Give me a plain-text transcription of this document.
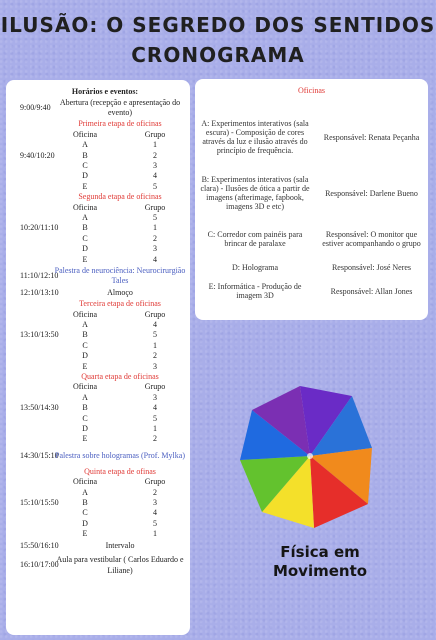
ILUSÃO: O SEGREDO DOS SENTIDOS
CRONOGRAMA
Horários e eventos:
9:00/9:40
Abertura (recepção e apresentação do evento)
9:40/10:20
Primeira etapa de oficinas
Oficina	Grupo
A	1
B	2
C	3
D	4
E	5
10:20/11:10
Segunda etapa de oficinas
Oficina	Grupo
A	5
B	1
C	2
D	3
E	4
11:10/12:10
Palestra de neurociência: Neurocirurgião Tales
12:10/13:10	Almoço
13:10/13:50
Terceira etapa de oficinas
Oficina	Grupo
A	4
B	5
C	1
D	2
E	3
13:50/14:30
Quarta etapa de oficinas
Oficina	Grupo
A	3
B	4
C	5
D	1
E	2
14:30/15:10
Palestra sobre hologramas (Prof. Mylka)
15:10/15:50
Quinta etapa de ofinas
Oficina	Grupo
A	2
B	3
C	4
D	5
E	1
15:50/16:10	Intervalo
16:10/17:00
Aula para vestibular ( Carlos Eduardo e Liliane)
Oficinas
A: Experimentos interativos (sala escura) - Composição de cores através da luz e ilusão através do princípio de frequência.
Responsável: Renata Peçanha
B: Experimentos interativos (sala clara) - Ilusões de ótica a partir de imagens (afterimage, fapbook, imagens 3D e etc)
Responsável: Darlene Bueno
C: Corredor com painéis para brincar de paralaxe
Responsável: O monitor que estiver acompanhando o grupo
D: Holograma	Responsável: José Neres
E: Informática - Produção de imagem 3D	Responsável: Allan Jones
Física em
Movimento
